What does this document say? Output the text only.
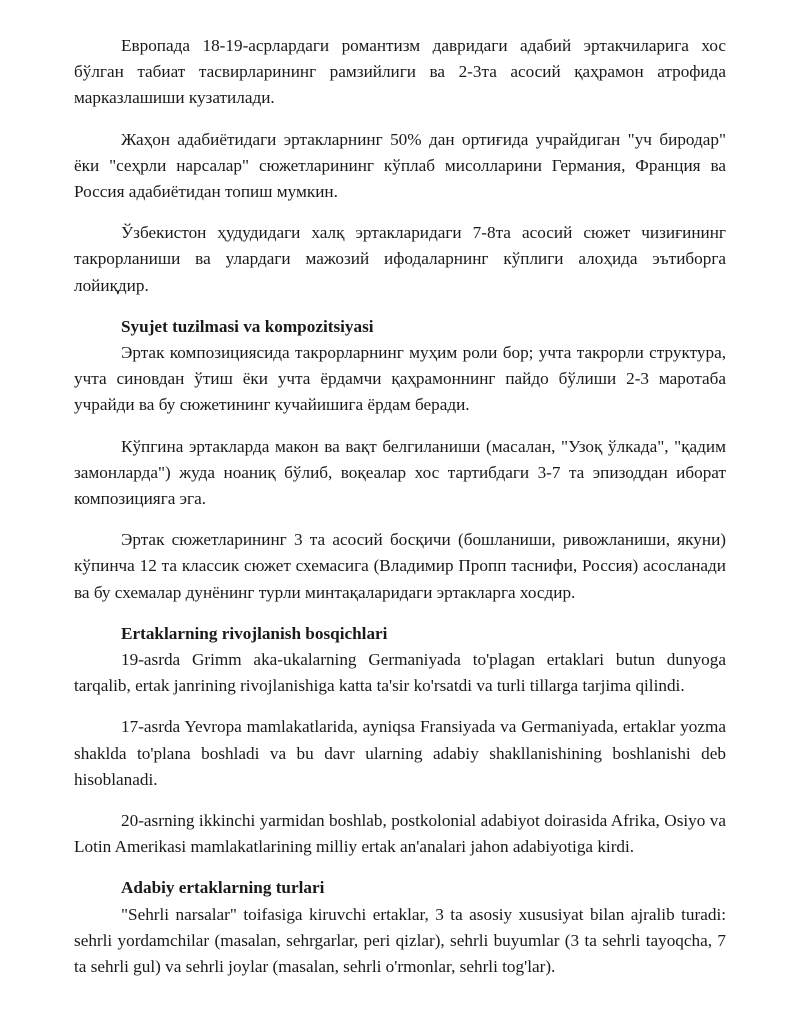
Европада 18-19-асрлардаги романтизм давридаги адабий эртакчиларига хос бўлган табиат тасвирларининг рамзийлиги ва 2-3та асосий қаҳрамон атрофида марказлашиши кузатилади.

Жаҳон адабиётидаги эртакларнинг 50% дан ортиғида учрайдиган "уч биродар" ёки "сеҳрли нарсалар" сюжетларининг кўплаб мисолларини Германия, Франция ва Россия адабиётидан топиш мумкин.

Ўзбекистон ҳудудидаги халқ эртакларидаги 7-8та асосий сюжет чизиғининг такрорланиши ва улардаги мажозий ифодаларнинг кўплиги алоҳида эътиборга лойиқдир.

Syujet tuzilmasi va kompozitsiyasi

Эртак композициясида такрорларнинг муҳим роли бор; учта такрорли структура, учта синовдан ўтиш ёки учта ёрдамчи қаҳрамоннинг пайдо бўлиши 2-3 маротаба учрайди ва бу сюжетининг кучайишига ёрдам беради.

Кўпгина эртакларда макон ва вақт белгиланиши (масалан, "Узоқ ўлкада", "қадим замонларда") жуда ноаниқ бўлиб, воқеалар хос тартибдаги 3-7 та эпизоддан иборат композицияга эга.

Эртак сюжетларининг 3 та асосий босқичи (бошланиши, ривожланиши, якуни) кўпинча 12 та классик сюжет схемасига (Владимир Пропп таснифи, Россия) асосланади ва бу схемалар дунёнинг турли минтақаларидаги эртакларга хосдир.

Ertaklarning rivojlanish bosqichlari

19-asrda Grimm aka-ukalarning Germaniyada to'plagan ertaklari butun dunyoga tarqalib, ertak janrining rivojlanishiga katta ta'sir ko'rsatdi va turli tillarga tarjima qilindi.

17-asrda Yevropa mamlakatlarida, ayniqsa Fransiyada va Germaniyada, ertaklar yozma shaklda to'plana boshladi va bu davr ularning adabiy shakllanishining boshlanishi deb hisoblanadi.

20-asrning ikkinchi yarmidan boshlab, postkolonial adabiyot doirasida Afrika, Osiyo va Lotin Amerikasi mamlakatlarining milliy ertak an'analari jahon adabiyotiga kirdi.

Adabiy ertaklarning turlari

"Sehrli narsalar" toifasiga kiruvchi ertaklar, 3 ta asosiy xususiyat bilan ajralib turadi: sehrli yordamchilar (masalan, sehrgarlar, peri qizlar), sehrli buyumlar (3 ta sehrli tayoqcha, 7 ta sehrli gul) va sehrli joylar (masalan, sehrli o'rmonlar, sehrli tog'lar).
